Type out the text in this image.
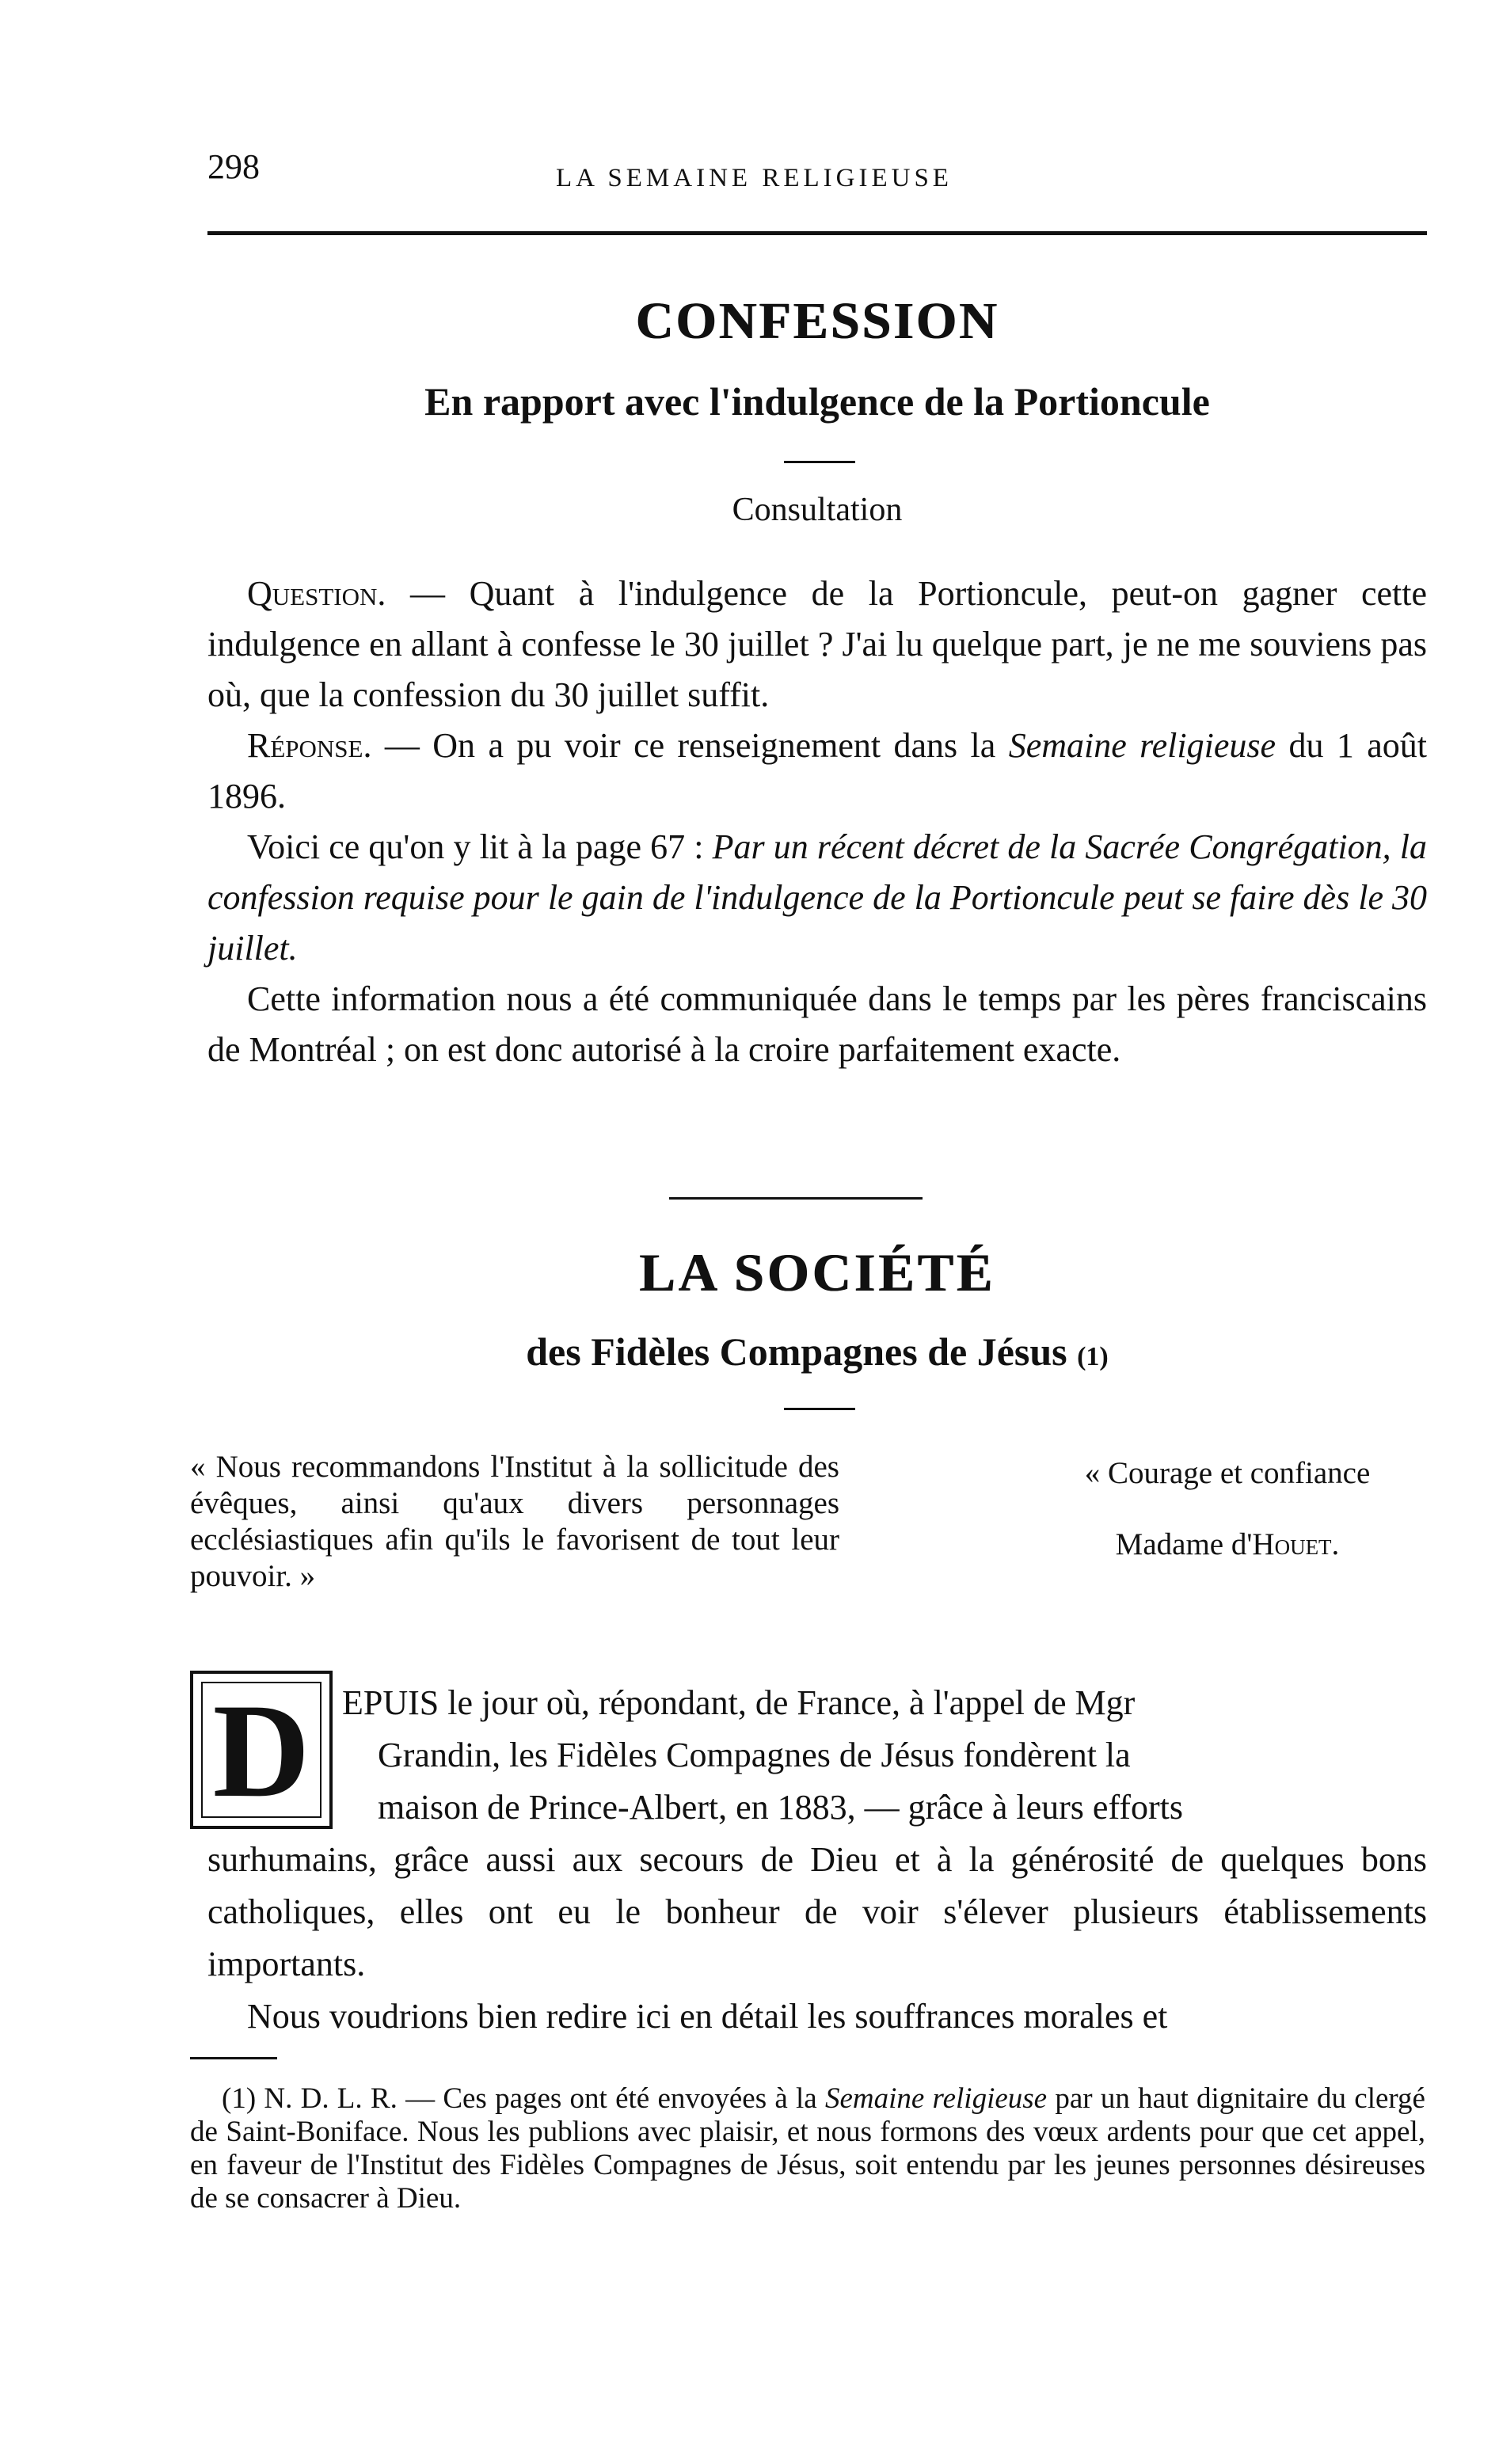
298	LA SEMAINE RELIGIEUSE
CONFESSION
En rapport avec l'indulgence de la Portioncule
Consultation

Question. — Quant à l'indulgence de la Portioncule, peut-on gagner cette indulgence en allant à confesse le 30 juillet ? J'ai lu quelque part, je ne me souviens pas où, que la confession du 30 juillet suffit.

Réponse. — On a pu voir ce renseignement dans la Semaine religieuse du 1 août 1896.

Voici ce qu'on y lit à la page 67 : Par un récent décret de la Sacrée Congrégation, la confession requise pour le gain de l'indulgence de la Portioncule peut se faire dès le 30 juillet.

Cette information nous a été communiquée dans le temps par les pères franciscains de Montréal ; on est donc autorisé à la croire parfaitement exacte.

LA SOCIÉTÉ
des Fidèles Compagnes de Jésus (1)
« Nous recommandons l'Institut à la sollicitude des évêques, ainsi qu'aux divers personnages ecclésiastiques afin qu'ils le favorisent de tout leur pouvoir. »
« Courage et confiance
Madame d'Houet.
D EPUIS le jour où, répondant, de France, à l'appel de Mgr
Grandin, les Fidèles Compagnes de Jésus fondèrent la
maison de Prince-Albert, en 1883, — grâce à leurs efforts
surhumains, grâce aussi aux secours de Dieu et à la générosité de quelques bons catholiques, elles ont eu le bonheur de voir s'élever plusieurs établissements importants.
Nous voudrions bien redire ici en détail les souffrances morales et

(1) N. D. L. R. — Ces pages ont été envoyées à la Semaine religieuse par un haut dignitaire du clergé de Saint-Boniface. Nous les publions avec plaisir, et nous formons des vœux ardents pour que cet appel, en faveur de l'Institut des Fidèles Compagnes de Jésus, soit entendu par les jeunes personnes désireuses de se consacrer à Dieu.
